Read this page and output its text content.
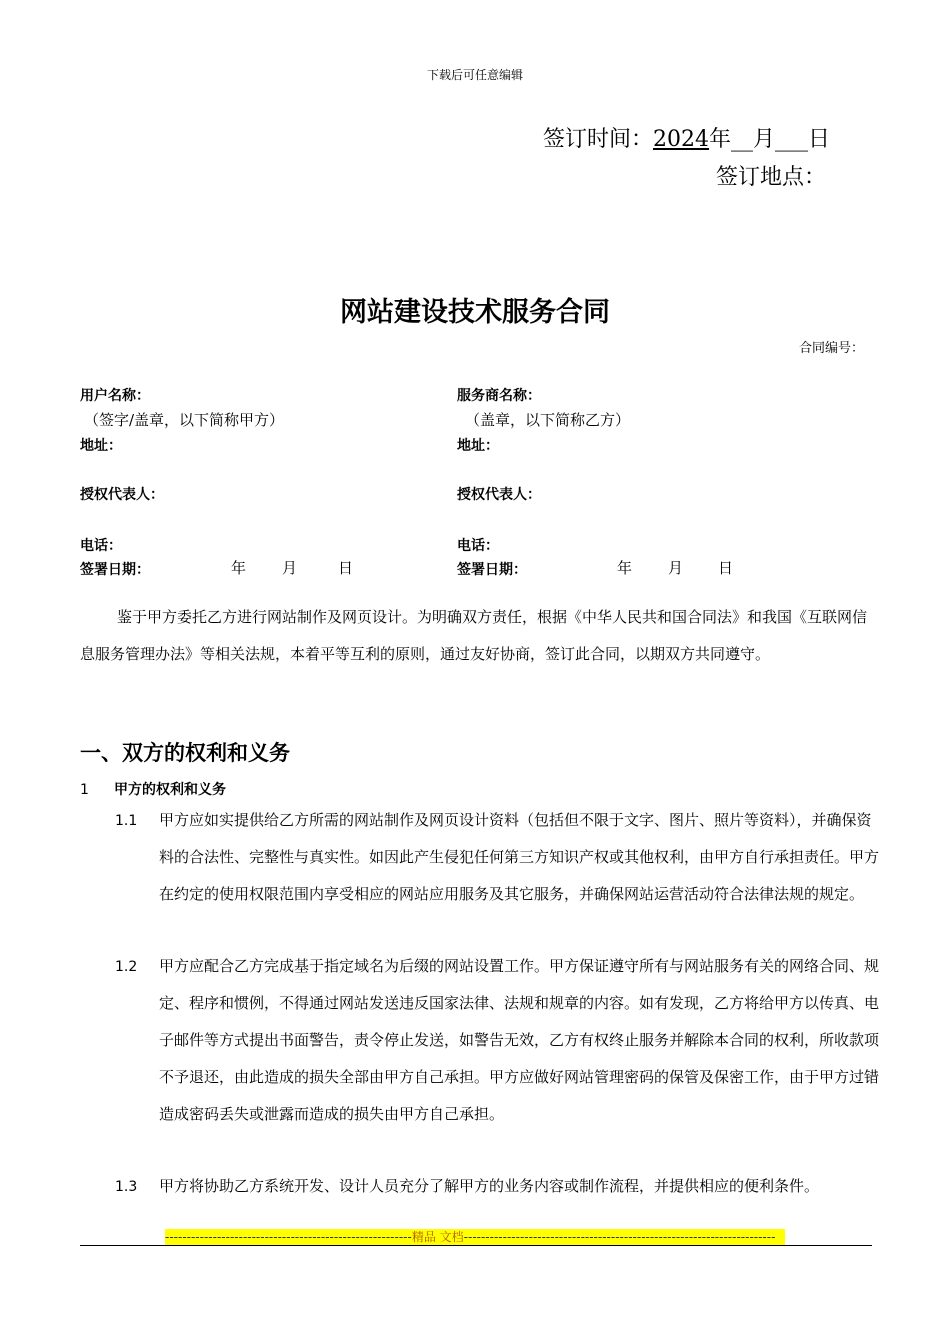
下载后可任意编辑
签订时间：2024年__月___日
签订地点：
网站建设技术服务合同
合同编号：
用户名称：
（签字/盖章，以下简称甲方）
地址：
授权代表人：
电话：
签署日期：	年 月	日
服务商名称：
（盖章，以下简称乙方）
地址：
授权代表人：
电话：
签署日期：	年 月 日
鉴于甲方委托乙方进行网站制作及网页设计。为明确双方责任，根据《中华人民共和国合同法》和我国《互联网信息服务管理办法》等相关法规，本着平等互利的原则，通过友好协商，签订此合同，以期双方共同遵守。
一、双方的权利和义务
1 甲方的权利和义务
1.1 甲方应如实提供给乙方所需的网站制作及网页设计资料（包括但不限于文字、图片、照片等资料），并确保资料的合法性、完整性与真实性。如因此产生侵犯任何第三方知识产权或其他权利，由甲方自行承担责任。甲方在约定的使用权限范围内享受相应的网站应用服务及其它服务，并确保网站运营活动符合法律法规的规定。
1.2 甲方应配合乙方完成基于指定域名为后缀的网站设置工作。甲方保证遵守所有与网站服务有关的网络合同、规定、程序和惯例，不得通过网站发送违反国家法律、法规和规章的内容。如有发现，乙方将给甲方以传真、电子邮件等方式提出书面警告，责令停止发送，如警告无效，乙方有权终止服务并解除本合同的权利，所收款项不予退还，由此造成的损失全部由甲方自己承担。甲方应做好网站管理密码的保管及保密工作，由于甲方过错造成密码丢失或泄露而造成的损失由甲方自己承担。
1.3 甲方将协助乙方系统开发、设计人员充分了解甲方的业务内容或制作流程，并提供相应的便利条件。
---------------------------------------------------------精品 文档------------------------------------------------------------------------
